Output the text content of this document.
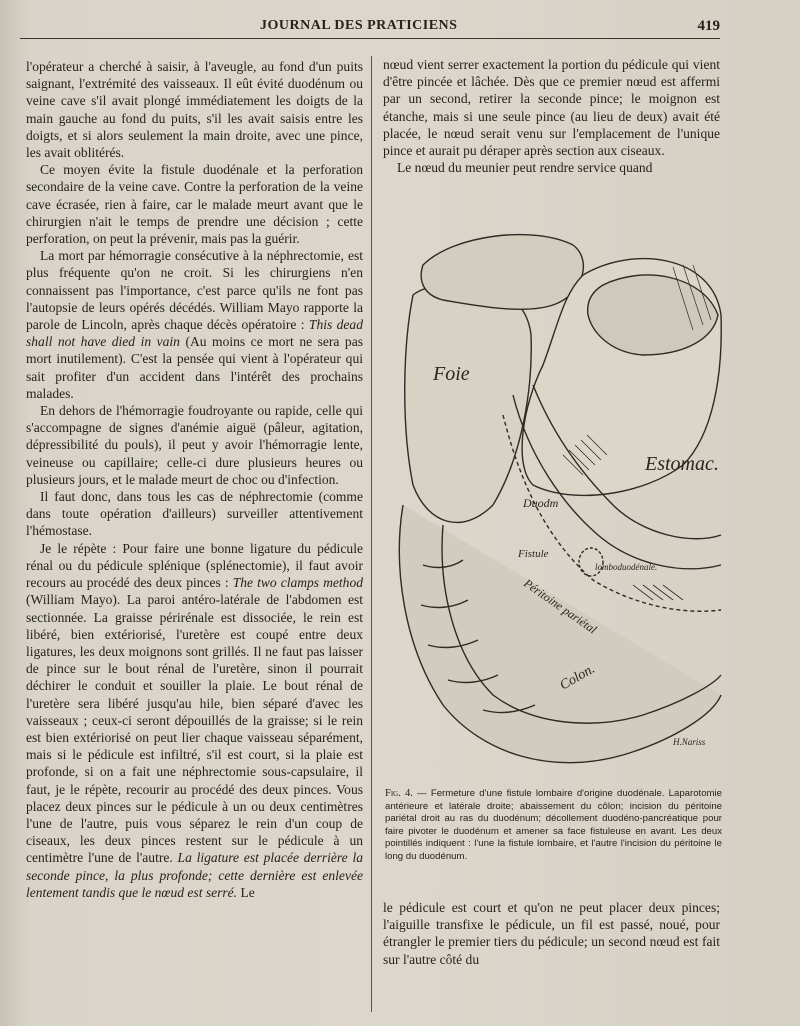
JOURNAL DES PRATICIENS	419

l'opérateur a cherché à saisir, à l'aveugle, au fond d'un puits saignant, l'extrémité des vaisseaux. Il eût évité duodénum ou veine cave s'il avait plongé immédiatement les doigts de la main gauche au fond du puits, s'il les avait saisis entre les doigts, et si alors seulement la main droite, avec une pince, les avait oblitérés.

Ce moyen évite la fistule duodénale et la perforation secondaire de la veine cave. Contre la perforation de la veine cave écrasée, rien à faire, car le malade meurt avant que le chirurgien n'ait le temps de prendre une décision ; cette perforation, on peut la prévenir, mais pas la guérir.

La mort par hémorragie consécutive à la néphrectomie, est plus fréquente qu'on ne croit. Si les chirurgiens n'en connaissent pas l'importance, c'est parce qu'ils ne font pas l'autopsie de leurs opérés décédés. William Mayo rapporte la parole de Lincoln, après chaque décès opératoire : This dead shall not have died in vain (Au moins ce mort ne sera pas mort inutilement). C'est la pensée qui vient à l'opérateur qui sait profiter d'un accident dans l'intérêt des prochains malades.

En dehors de l'hémorragie foudroyante ou rapide, celle qui s'accompagne de signes d'anémie aiguë (pâleur, agitation, dépressibilité du pouls), il peut y avoir l'hémorragie lente, veineuse ou capillaire; celle-ci dure plusieurs heures ou plusieurs jours, et le malade meurt de choc ou d'infection.

Il faut donc, dans tous les cas de néphrectomie (comme dans toute opération d'ailleurs) surveiller attentivement l'hémostase.

Je le répète : Pour faire une bonne ligature du pédicule rénal ou du pédicule splénique (splénectomie), il faut avoir recours au procédé des deux pinces : The two clamps method (William Mayo). La paroi antéro-latérale de l'abdomen est sectionnée. La graisse périrénale est dissociée, le rein est libéré, bien extériorisé, l'uretère est coupé entre deux ligatures, les deux moignons sont grillés. Il ne faut pas laisser de pince sur le bout rénal de l'uretère, sinon il pourrait déchirer le conduit et souiller la plaie. Le bout rénal de l'uretère sera libéré jusqu'au hile, bien séparé d'avec les vaisseaux ; ceux-ci seront dépouillés de la graisse; si le rein est bien extériorisé on peut lier chaque vaisseau séparément, mais si le pédicule est infiltré, s'il est court, si la plaie est profonde, si on a fait une néphrectomie sous-capsulaire, il faut, je le répète, recourir au procédé des deux pinces. Vous placez deux pinces sur le pédicule à un ou deux centimètres l'une de l'autre, puis vous séparez le rein d'un coup de ciseaux, les deux pinces restent sur le pédicule à un centimètre l'une de l'autre. La ligature est placée derrière la seconde pince, la plus profonde; cette dernière est enlevée lentement tandis que le nœud est serré. Le

nœud vient serrer exactement la portion du pédicule qui vient d'être pincée et lâchée. Dès que ce premier nœud est affermi par un second, retirer la seconde pince; le moignon est étanche, mais si une seule pince (au lieu de deux) avait été placée, le nœud serait venu sur l'emplacement de l'unique pince et aurait pu déraper après section aux ciseaux.

Le nœud du meunier peut rendre service quand

Foie
Estomac.
Duodm
Fistule
lomboduodénale.
Péritoine pariétal
Colon.
H.Nariss
Fig. 4. — Fermeture d'une fistule lombaire d'origine duodénale. Laparotomie antérieure et latérale droite; abaissement du côlon; incision du péritoine pariétal droit au ras du duodénum; décollement duodéno-pancréatique pour faire pivoter le duodénum et amener sa face fistuleuse en avant. Les deux pointillés indiquent : l'une la fistule lombaire, et l'autre l'incision du péritoine le long du duodénum.

le pédicule est court et qu'on ne peut placer deux pinces; l'aiguille transfixe le pédicule, un fil est passé, noué, pour étrangler le premier tiers du pédicule; un second nœud est fait sur l'autre côté du
